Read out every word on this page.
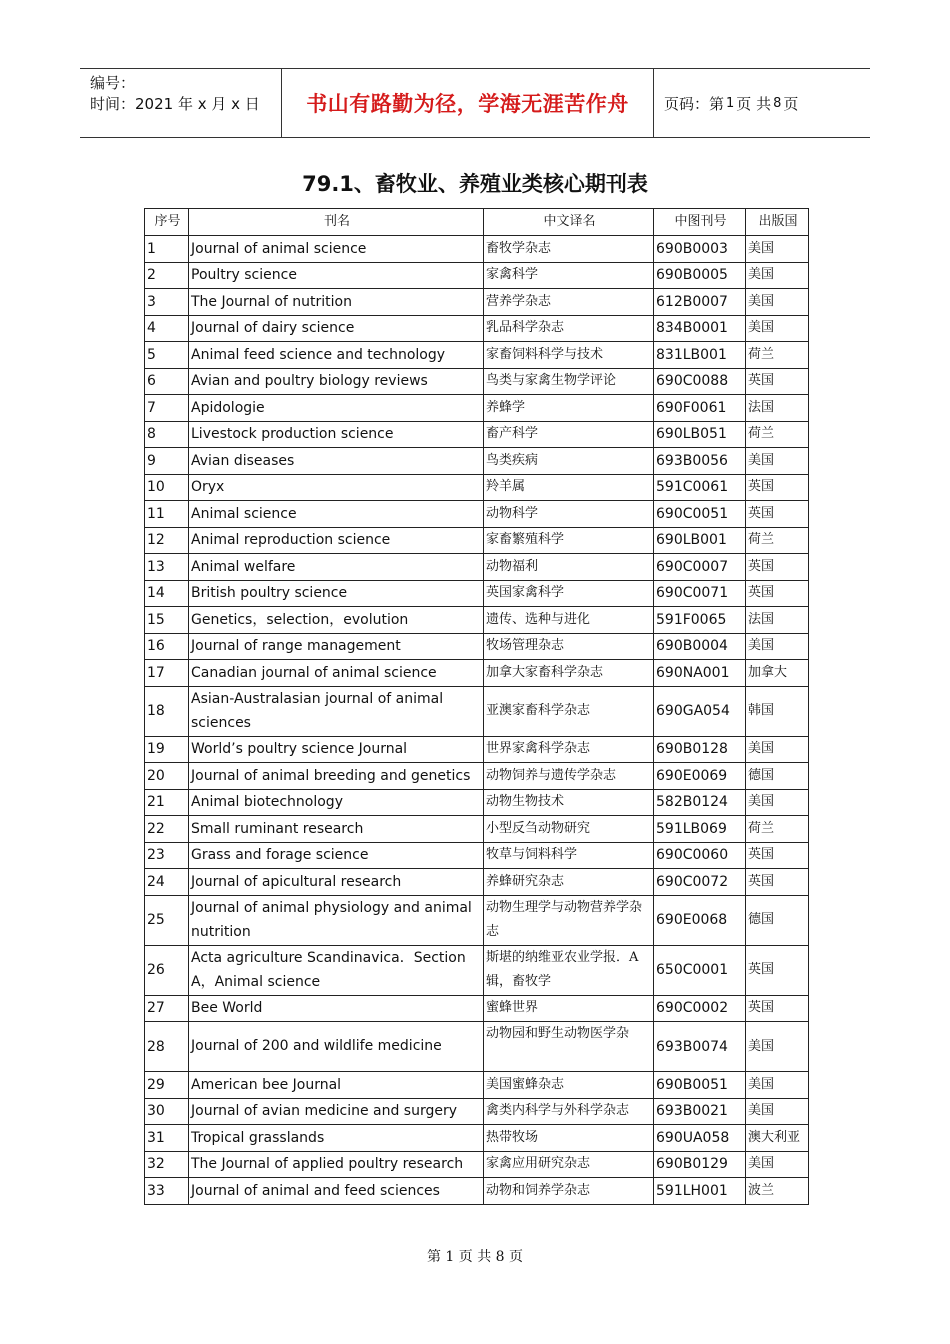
编号：
时间：2021 年 x 月 x 日	书山有路勤为径，学海无涯苦作舟	页码：第 1 页 共 8 页
79.1、畜牧业、养殖业类核心期刊表
序号	刊名	中文译名	中图刊号	出版国
1	Journal of animal science	畜牧学杂志	690B0003	美国
2	Poultry science	家禽科学	690B0005	美国
3	The Journal of nutrition	营养学杂志	612B0007	美国
4	Journal of dairy science	乳品科学杂志	834B0001	美国
5	Animal feed science and technology	家畜饲料科学与技术	831LB001	荷兰
6	Avian and poultry biology reviews	鸟类与家禽生物学评论	690C0088	英国
7	Apidologie	养蜂学	690F0061	法国
8	Livestock production science	畜产科学	690LB051	荷兰
9	Avian diseases	鸟类疾病	693B0056	美国
10	Oryx	羚羊属	591C0061	英国
11	Animal science	动物科学	690C0051	英国
12	Animal reproduction science	家畜繁殖科学	690LB001	荷兰
13	Animal welfare	动物福利	690C0007	英国
14	British poultry science	英国家禽科学	690C0071	英国
15	Genetics，selection，evolution	遗传、选种与进化	591F0065	法国
16	Journal of range management	牧场管理杂志	690B0004	美国
17	Canadian journal of animal science	加拿大家畜科学杂志	690NA001	加拿大
18	Asian-Australasian journal of animal sciences	亚澳家畜科学杂志	690GA054	韩国
19	World’s poultry science Journal	世界家禽科学杂志	690B0128	美国
20	Journal of animal breeding and genetics	动物饲养与遗传学杂志	690E0069	德国
21	Animal biotechnology	动物生物技术	582B0124	美国
22	Small ruminant research	小型反刍动物研究	591LB069	荷兰
23	Grass and forage science	牧草与饲料科学	690C0060	英国
24	Journal of apicultural research	养蜂研究杂志	690C0072	英国
25	Journal of animal physiology and animal nutrition	动物生理学与动物营养学杂志	690E0068	德国
26	Acta agriculture Scandinavica．Section A，Animal science	斯堪的纳维亚农业学报．A 辑，畜牧学	650C0001	英国
27	Bee World	蜜蜂世界	690C0002	英国
28	Journal of 200 and wildlife medicine	动物园和野生动物医学杂	693B0074	美国
29	American bee Journal	美国蜜蜂杂志	690B0051	美国
30	Journal of avian medicine and surgery	禽类内科学与外科学杂志	693B0021	美国
31	Tropical grasslands	热带牧场	690UA058	澳大利亚
32	The Journal of applied poultry research	家禽应用研究杂志	690B0129	美国
33	Journal of animal and feed sciences	动物和饲养学杂志	591LH001	波兰
第 1 页 共 8 页
